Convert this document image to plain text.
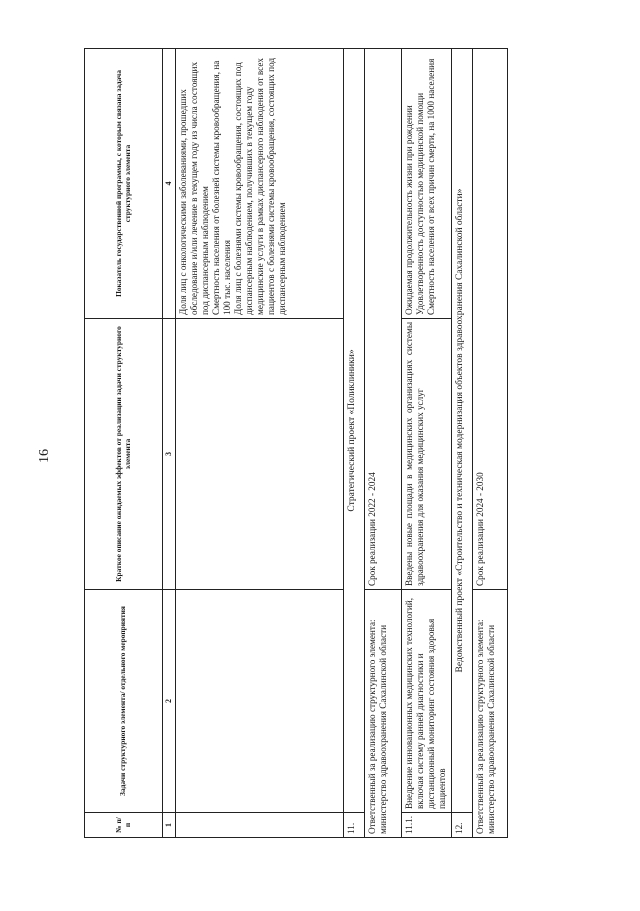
16
№ п/п	Задачи структурного элемента/ отдельного мероприятия	Краткое описание ожидаемых эффектов от реализации задачи структурного элемента	Показатель государственной программы, с которым связана задача структурного элемента
1	2	3	4

			Доля лиц с онкологическими заболеваниями, прошедших обследование и/или лечение в текущем году из числа состоящих под диспансерным наблюдением Смертность населения от болезней системы кровообращения, на 100 тыс. населения Доля лиц с болезнями системы кровообращения, состоящих под диспансерным наблюдением, получивших в текущем году медицинские услуги в рамках диспансерного наблюдения от всех пациентов с болезнями системы кровообращения, состоящих под диспансерным наблюдением

11.	Стратегический проект «Поликлиники»		
Ответственный за реализацию структурного элемента: министерство здравоохранения Сахалинской области		Срок реализации 2022 - 2024	
11.1.	Внедрение инновационных медицинских технологий, включая систему ранней диагностики и дистанционный мониторинг состояния здоровья пациентов	Введены новые площади в медицинских организациях системы здравоохранения для оказания медицинских услуг	Ожидаемая продолжительность жизни при рождении Удовлетворенность доступностью медицинской помощи Смертность населения от всех причин смерти, на 1000 населения

12.	Ведомственный проект «Строительство и техническая модернизация объектов здравоохранения Сахалинской области»		
Ответственный за реализацию структурного элемента: министерство здравоохранения Сахалинской области		Срок реализации 2024 - 2030	
